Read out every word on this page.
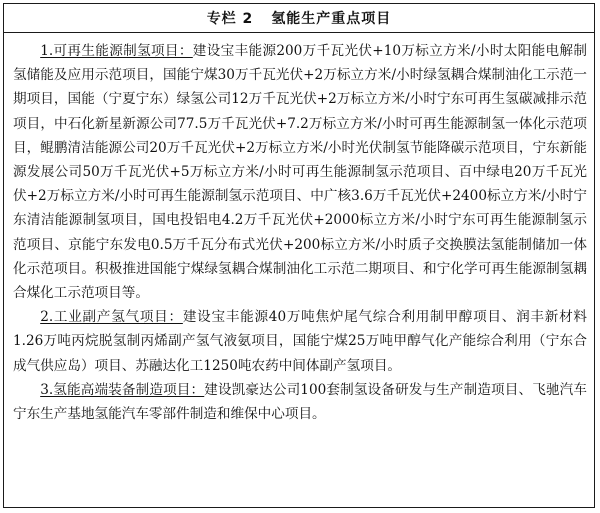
专栏 2 氢能生产重点项目

1.可再生能源制氢项目：建设宝丰能源200万千瓦光伏+10万标立方米/小时太阳能电解制氢储能及应用示范项目，国能宁煤30万千瓦光伏+2万标立方米/小时绿氢耦合煤制油化工示范一期项目，国能（宁夏宁东）绿氢公司12万千瓦光伏+2万标立方米/小时宁东可再生氢碳减排示范项目，中石化新星新源公司77.5万千瓦光伏+7.2万标立方米/小时可再生能源制氢一体化示范项目，鲲鹏清洁能源公司20万千瓦光伏+2万标立方米/小时光伏制氢节能降碳示范项目，宁东新能源发展公司50万千瓦光伏+5万标立方米/小时可再生能源制氢示范项目、百中绿电20万千瓦光伏+2万标立方米/小时可再生能源制氢示范项目、中广核3.6万千瓦光伏+2400标立方米/小时宁东清洁能源制氢项目，国电投铝电4.2万千瓦光伏+2000标立方米/小时宁东可再生能源制氢示范项目、京能宁东发电0.5万千瓦分布式光伏+200标立方米/小时质子交换膜法氢能制储加一体化示范项目。积极推进国能宁煤绿氢耦合煤制油化工示范二期项目、和宁化学可再生能源制氢耦合煤化工示范项目等。

2.工业副产氢气项目：建设宝丰能源40万吨焦炉尾气综合利用制甲醇项目、润丰新材料1.26万吨丙烷脱氢制丙烯副产氢气液氨项目，国能宁煤25万吨甲醇气化产能综合利用（宁东合成气供应岛）项目、苏融达化工1250吨农药中间体副产氢项目。

3.氢能高端装备制造项目：建设凯豪达公司100套制氢设备研发与生产制造项目、飞驰汽车宁东生产基地氢能汽车零部件制造和维保中心项目。
